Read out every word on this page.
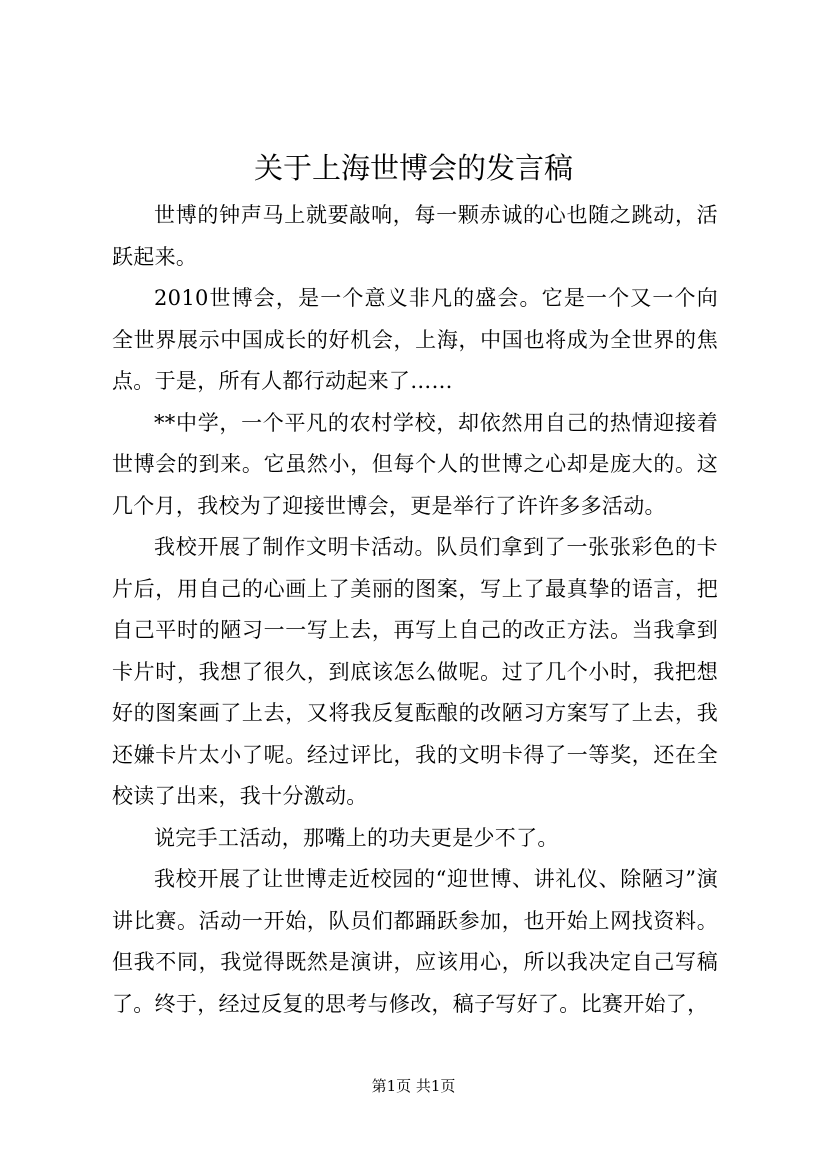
关于上海世博会的发言稿

世博的钟声马上就要敲响，每一颗赤诚的心也随之跳动，活跃起来。

2010世博会，是一个意义非凡的盛会。它是一个又一个向全世界展示中国成长的好机会，上海，中国也将成为全世界的焦点。于是，所有人都行动起来了……

**中学，一个平凡的农村学校，却依然用自己的热情迎接着世博会的到来。它虽然小，但每个人的世博之心却是庞大的。这几个月，我校为了迎接世博会，更是举行了许许多多活动。

我校开展了制作文明卡活动。队员们拿到了一张张彩色的卡片后，用自己的心画上了美丽的图案，写上了最真挚的语言，把自己平时的陋习一一写上去，再写上自己的改正方法。当我拿到卡片时，我想了很久，到底该怎么做呢。过了几个小时，我把想好的图案画了上去，又将我反复酝酿的改陋习方案写了上去，我还嫌卡片太小了呢。经过评比，我的文明卡得了一等奖，还在全校读了出来，我十分激动。

说完手工活动，那嘴上的功夫更是少不了。

我校开展了让世博走近校园的“迎世博、讲礼仪、除陋习”演讲比赛。活动一开始，队员们都踊跃参加，也开始上网找资料。但我不同，我觉得既然是演讲，应该用心，所以我决定自己写稿了。终于，经过反复的思考与修改，稿子写好了。比赛开始了，

第1页 共1页
